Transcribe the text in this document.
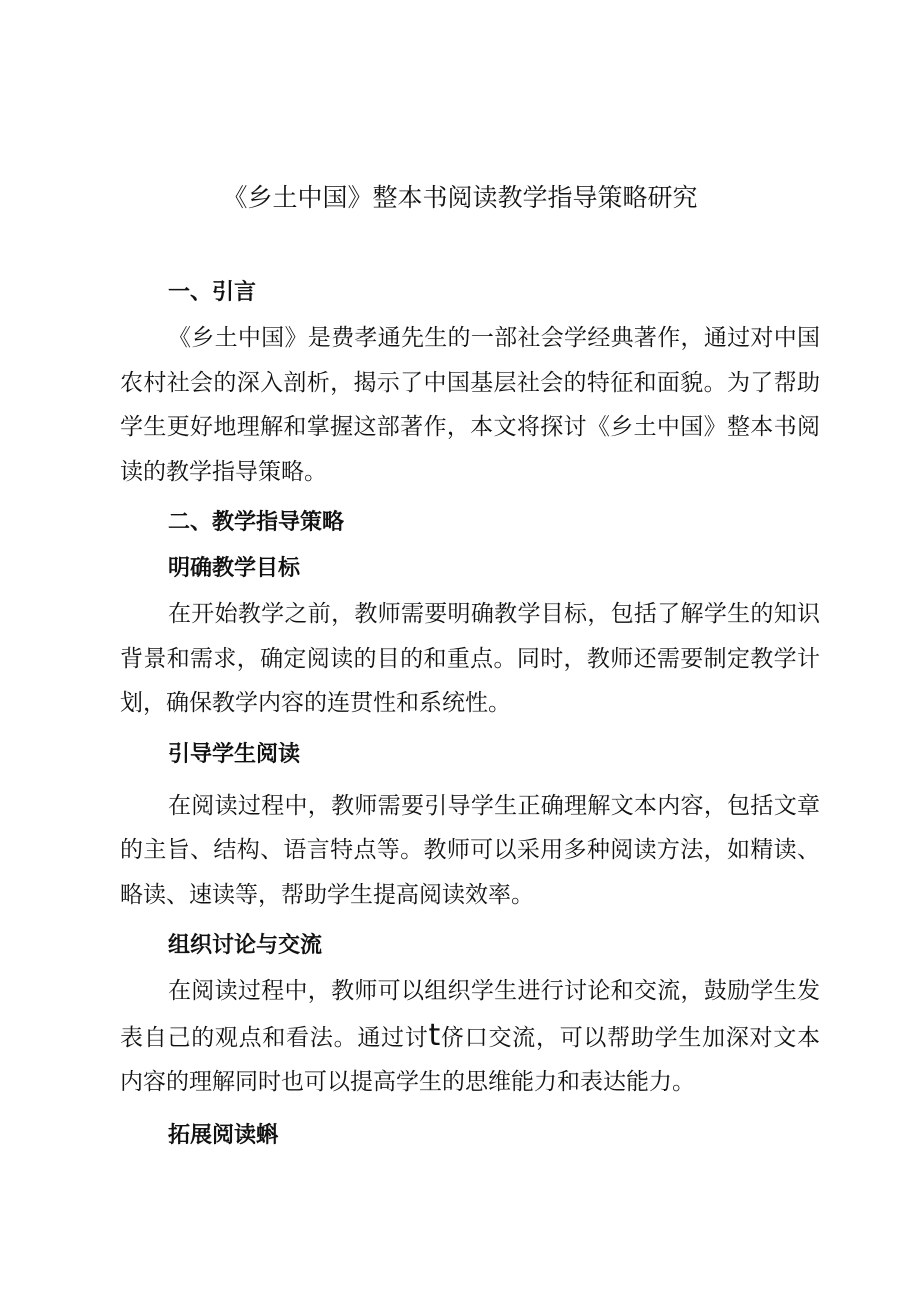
《乡土中国》整本书阅读教学指导策略研究
一、引言

《乡土中国》是费孝通先生的一部社会学经典著作，通过对中国农村社会的深入剖析，揭示了中国基层社会的特征和面貌。为了帮助学生更好地理解和掌握这部著作，本文将探讨《乡土中国》整本书阅读的教学指导策略。

二、教学指导策略
明确教学目标

在开始教学之前，教师需要明确教学目标，包括了解学生的知识背景和需求，确定阅读的目的和重点。同时，教师还需要制定教学计划，确保教学内容的连贯性和系统性。

引导学生阅读

在阅读过程中，教师需要引导学生正确理解文本内容，包括文章的主旨、结构、语言特点等。教师可以采用多种阅读方法，如精读、略读、速读等，帮助学生提高阅读效率。

组织讨论与交流

在阅读过程中，教师可以组织学生进行讨论和交流，鼓励学生发表自己的观点和看法。通过讨t侪口交流，可以帮助学生加深对文本内容的理解同时也可以提高学生的思维能力和表达能力。

拓展阅读蝌
